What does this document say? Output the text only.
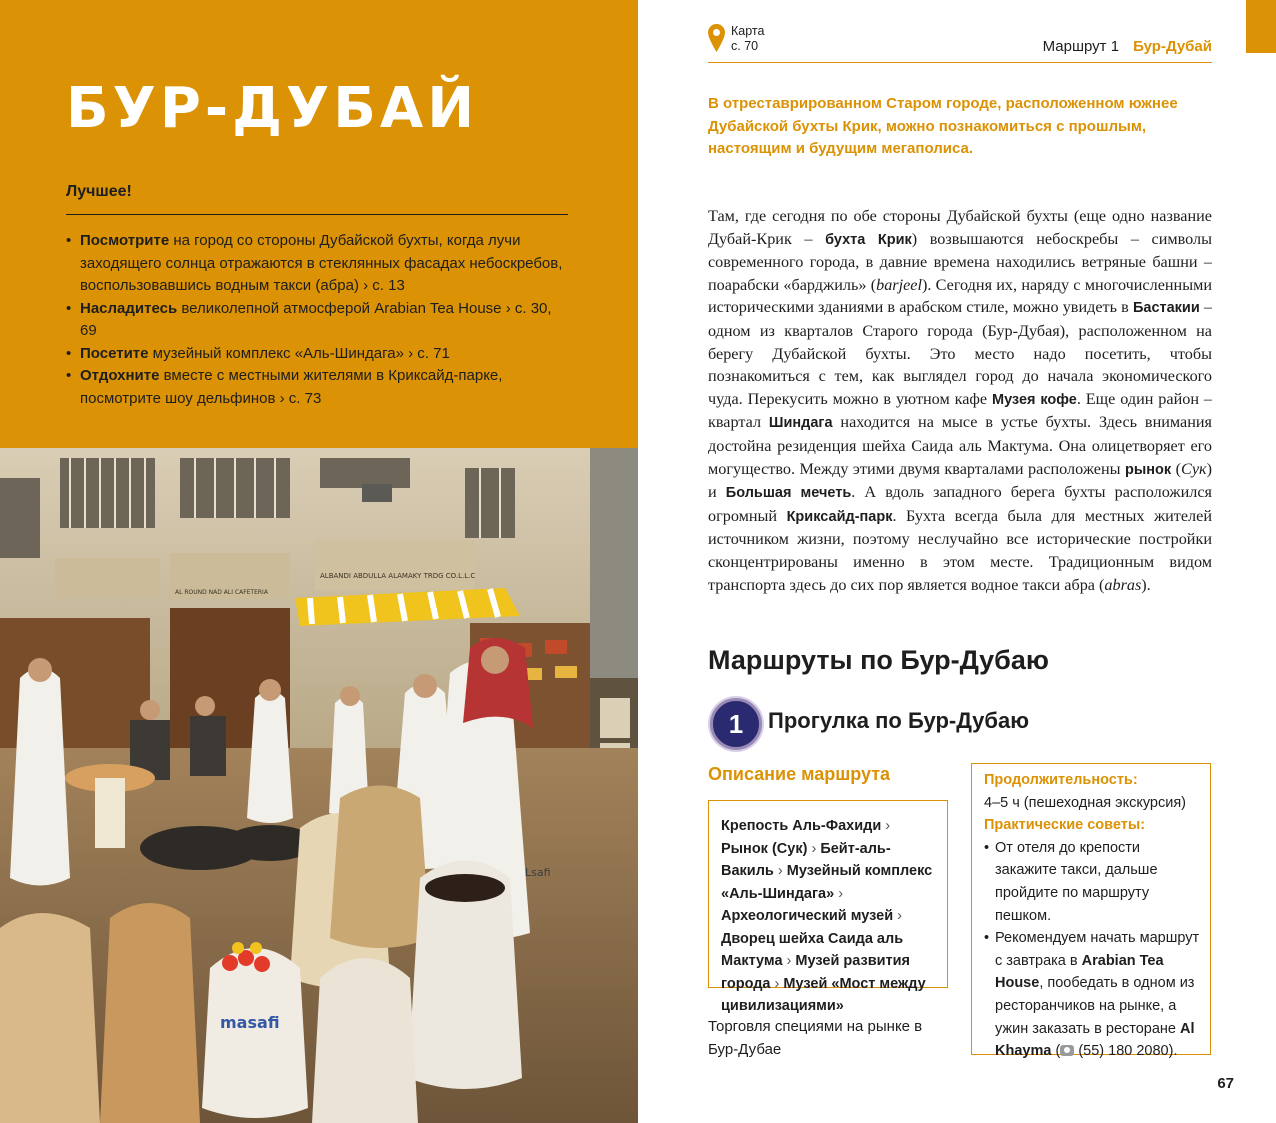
БУР-ДУБАЙ
Лучшее!
• Посмотрите на город со стороны Дубайской бухты, когда лучи заходящего солнца отражаются в стеклянных фасадах небоскребов, воспользовавшись водным такси (абра) › с. 13
• Насладитесь великолепной атмосферой Arabian Tea House › с. 30, 69
• Посетите музейный комплекс «Аль-Шиндага» › с. 71
• Отдохните вместе с местными жителями в Криксайд-парке, посмотрите шоу дельфинов › с. 73
ALBANDI ABDULLA ALAMAKY TRDG CO.L.L.C
AL ROUND NAD ALI CAFETERIA
masafi
Lsafi
Карта
с. 70	Маршрут 1 Бур-Дубай

В отреставрированном Старом городе, расположенном южнее Дубайской бухты Крик, можно познакомиться с прошлым, настоящим и будущим мегаполиса.

Там, где сегодня по обе стороны Дубайской бухты (еще одно название Дубай-Крик – бухта Крик) возвышаются небоскребы – символы современного города, в давние времена находились ветряные башни – поарабски «барджиль» (barjeel). Сегодня их, наряду с многочисленными историческими зданиями в арабском стиле, можно увидеть в Бастакии – одном из кварталов Старого города (Бур-Дубая), расположенном на берегу Дубайской бухты. Это место надо посетить, чтобы познакомиться с тем, как выглядел город до начала экономического чуда. Перекусить можно в уютном кафе Музея кофе. Еще один район – квартал Шиндага находится на мысе в устье бухты. Здесь внимания достойна резиденция шейха Саида аль Мактума. Она олицетворяет его могущество. Между этими двумя кварталами расположены рынок (Сук) и Большая мечеть. А вдоль западного берега бухты расположился огромный Криксайд-парк. Бухта всегда была для местных жителей источником жизни, поэтому неслучайно все исторические постройки сконцентрированы именно в этом месте. Традиционным видом транспорта здесь до сих пор является водное такси абра (abras).

Маршруты по Бур-Дубаю
1	Прогулка по Бур-Дубаю
Описание маршрута
Крепость Аль-Фахиди › Рынок (Сук) › Бейт-аль-Вакиль › Музейный комплекс «Аль-Шиндага» › Археологический музей › Дворец шейха Саида аль Мактума › Музей развития города › Музей «Мост между цивилизациями»

Торговля специями на рынке в Бур-Дубае

Продолжительность:
4–5 ч (пешеходная экскурсия)
Практические советы:
• От отеля до крепости закажите такси, дальше пройдите по маршруту пешком.
• Рекомендуем начать маршрут с завтрака в Arabian Tea House, пообедать в одном из ресторанчиков на рынке, а ужин заказать в ресторане Al Khayma ( (55) 180 2080).
67
